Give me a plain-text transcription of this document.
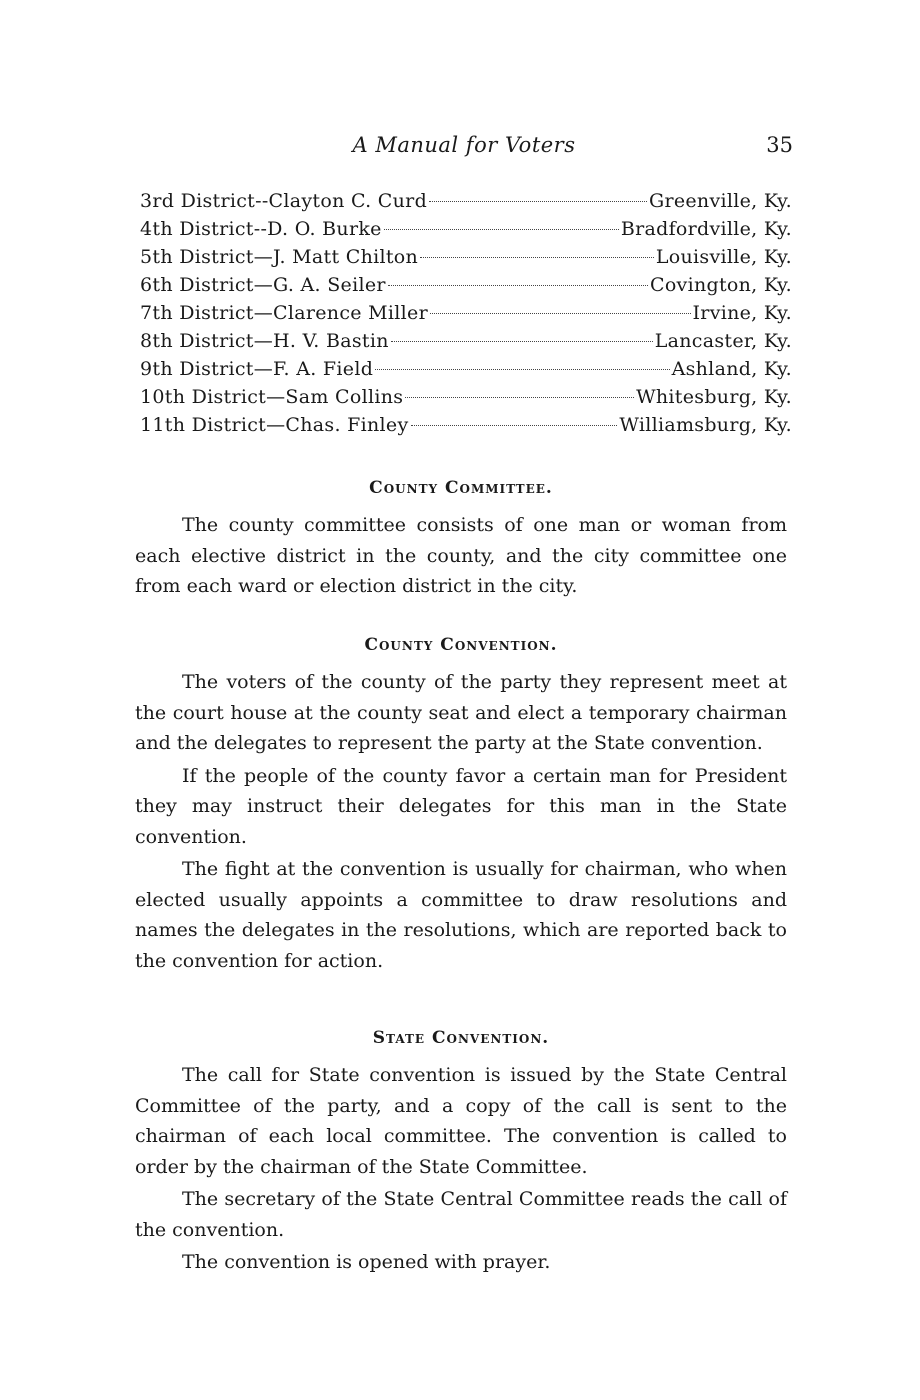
A Manual for Voters	35
3rd District--Clayton C. Curd	Greenville, Ky.
4th District--D. O. Burke	Bradfordville, Ky.
5th District—J. Matt Chilton	Louisville, Ky.
6th District—G. A. Seiler	Covington, Ky.
7th District—Clarence Miller	Irvine, Ky.
8th District—H. V. Bastin	Lancaster, Ky.
9th District—F. A. Field	Ashland, Ky.
10th District—Sam Collins	Whitesburg, Ky.
11th District—Chas. Finley	Williamsburg, Ky.
County Committee.

The county committee consists of one man or woman from each elective district in the county, and the city committee one from each ward or election district in the city.

County Convention.

The voters of the county of the party they represent meet at the court house at the county seat and elect a temporary chairman and the delegates to represent the party at the State convention.

If the people of the county favor a certain man for President they may instruct their delegates for this man in the State convention.

The fight at the convention is usually for chairman, who when elected usually appoints a committee to draw resolutions and names the delegates in the resolutions, which are reported back to the convention for action.

State Convention.

The call for State convention is issued by the State Central Committee of the party, and a copy of the call is sent to the chairman of each local committee. The convention is called to order by the chairman of the State Committee.

The secretary of the State Central Committee reads the call of the convention.

The convention is opened with prayer.
